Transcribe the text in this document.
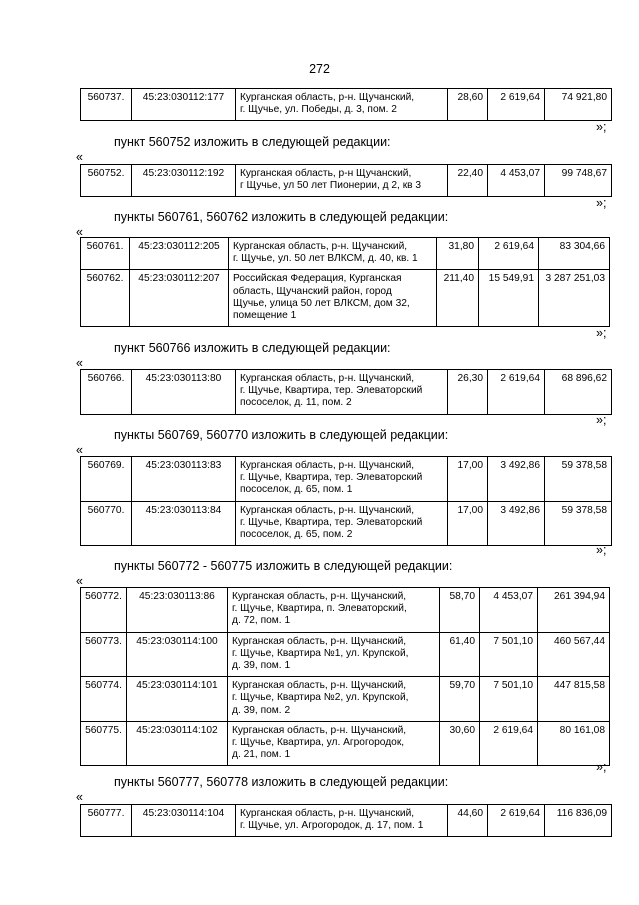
272
560737.	45:23:030112:177	Курганская область, р-н. Щучанский,
г. Щучье, ул. Победы, д. 3, пом. 2
	28,60	2 619,64	74 921,80
»;
пункт 560752 изложить в следующей редакции:
«
560752.	45:23:030112:192	Курганская область, р-н Щучанский,
г Щучье, ул 50 лет Пионерии, д 2, кв 3
	22,40	4 453,07	99 748,67
»;
пункты 560761, 560762 изложить в следующей редакции:
«
560761.	45:23:030112:205	Курганская область, р-н. Щучанский,
г. Щучье, ул. 50 лет ВЛКСМ, д. 40, кв. 1	31,80	2 619,64	83 304,66
560762.	45:23:030112:207	Российская Федерация, Курганская
область, Щучанский район, город
Щучье, улица 50 лет ВЛКСМ, дом 32,
помещение 1	211,40	15 549,91	3 287 251,03
»;
пункт 560766 изложить в следующей редакции:
«
560766.	45:23:030113:80	Курганская область, р-н. Щучанский,
г. Щучье, Квартира, тер. Элеваторский
пососелок, д. 11, пом. 2
	26,30	2 619,64	68 896,62
»;
пункты 560769, 560770 изложить в следующей редакции:
«
560769.	45:23:030113:83	Курганская область, р-н. Щучанский,
г. Щучье, Квартира, тер. Элеваторский
пососелок, д. 65, пом. 1	17,00	3 492,86	59 378,58
560770.	45:23:030113:84	Курганская область, р-н. Щучанский,
г. Щучье, Квартира, тер. Элеваторский
пососелок, д. 65, пом. 2	17,00	3 492,86	59 378,58
»;
пункты 560772 - 560775 изложить в следующей редакции:
«
560772.	45:23:030113:86	Курганская область, р-н. Щучанский,
г. Щучье, Квартира, п. Элеваторский,
д. 72, пом. 1	58,70	4 453,07	261 394,94
560773.	45:23:030114:100	Курганская область, р-н. Щучанский,
г. Щучье, Квартира №1, ул. Крупской,
д. 39, пом. 1	61,40	7 501,10	460 567,44
560774.	45:23:030114:101	Курганская область, р-н. Щучанский,
г. Щучье, Квартира №2, ул. Крупской,
д. 39, пом. 2	59,70	7 501,10	447 815,58
560775.	45:23:030114:102	Курганская область, р-н. Щучанский,
г. Щучье, Квартира, ул. Агрогородок,
д. 21, пом. 1	30,60	2 619,64	80 161,08
»;
пункты 560777, 560778 изложить в следующей редакции:
«
560777.	45:23:030114:104	Курганская область, р-н. Щучанский,
г. Щучье, ул. Агрогородок, д. 17, пом. 1
	44,60	2 619,64	116 836,09
